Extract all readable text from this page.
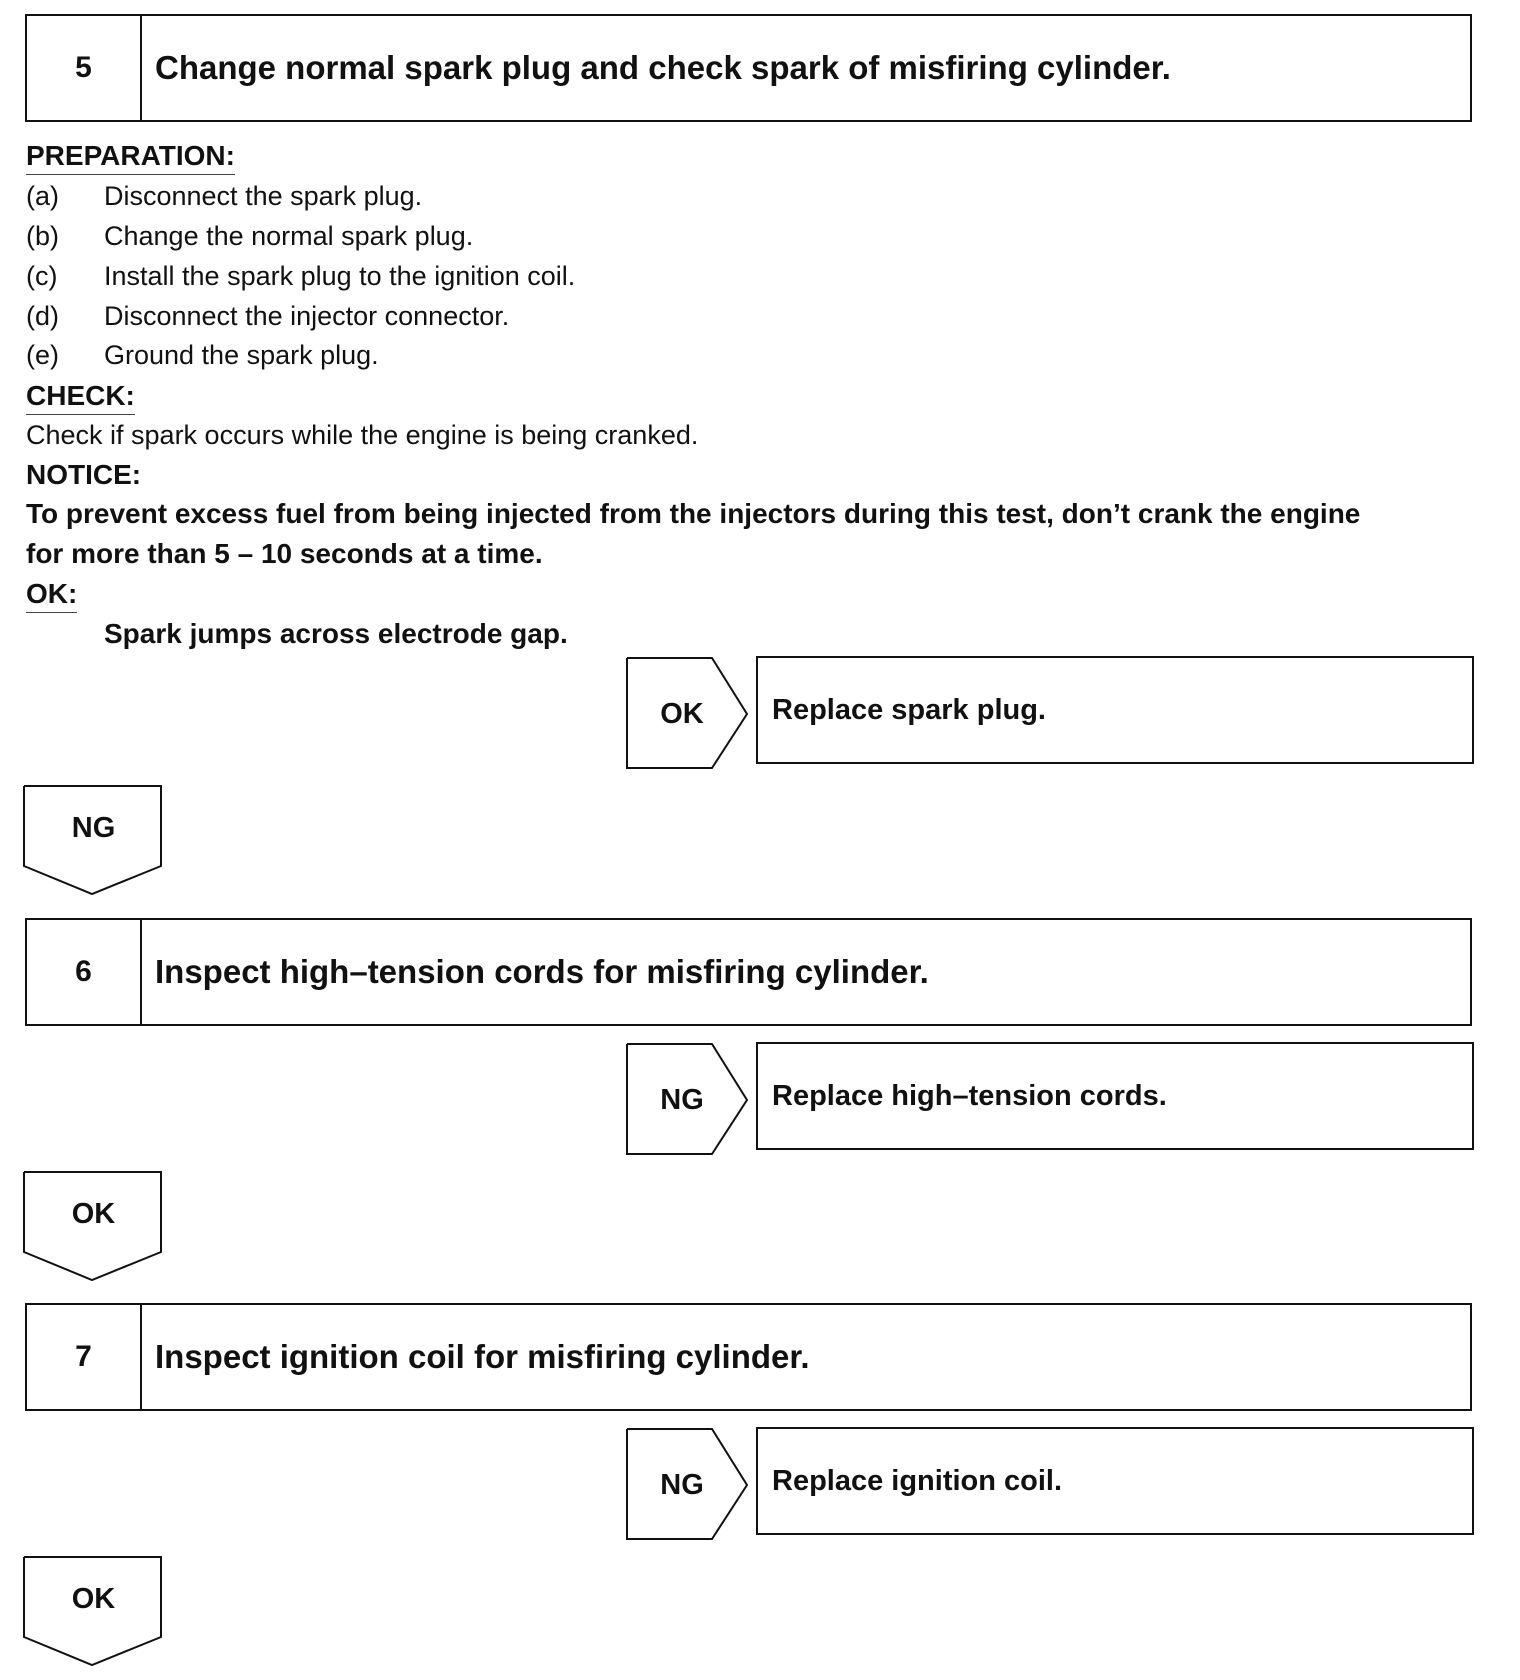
5	Change normal spark plug and check spark of misfiring cylinder.
PREPARATION:
(a) Disconnect the spark plug.
(b) Change the normal spark plug.
(c) Install the spark plug to the ignition coil.
(d) Disconnect the injector connector.
(e) Ground the spark plug.
CHECK:
Check if spark occurs while the engine is being cranked.
NOTICE:
To prevent excess fuel from being injected from the injectors during this test, don’t crank the engine
for more than 5 – 10 seconds at a time.
OK:
Spark jumps across electrode gap.
OK	Replace spark plug.
NG
6	Inspect high–tension cords for misfiring cylinder.
NG	Replace high–tension cords.
OK
7	Inspect ignition coil for misfiring cylinder.
NG	Replace ignition coil.
OK
